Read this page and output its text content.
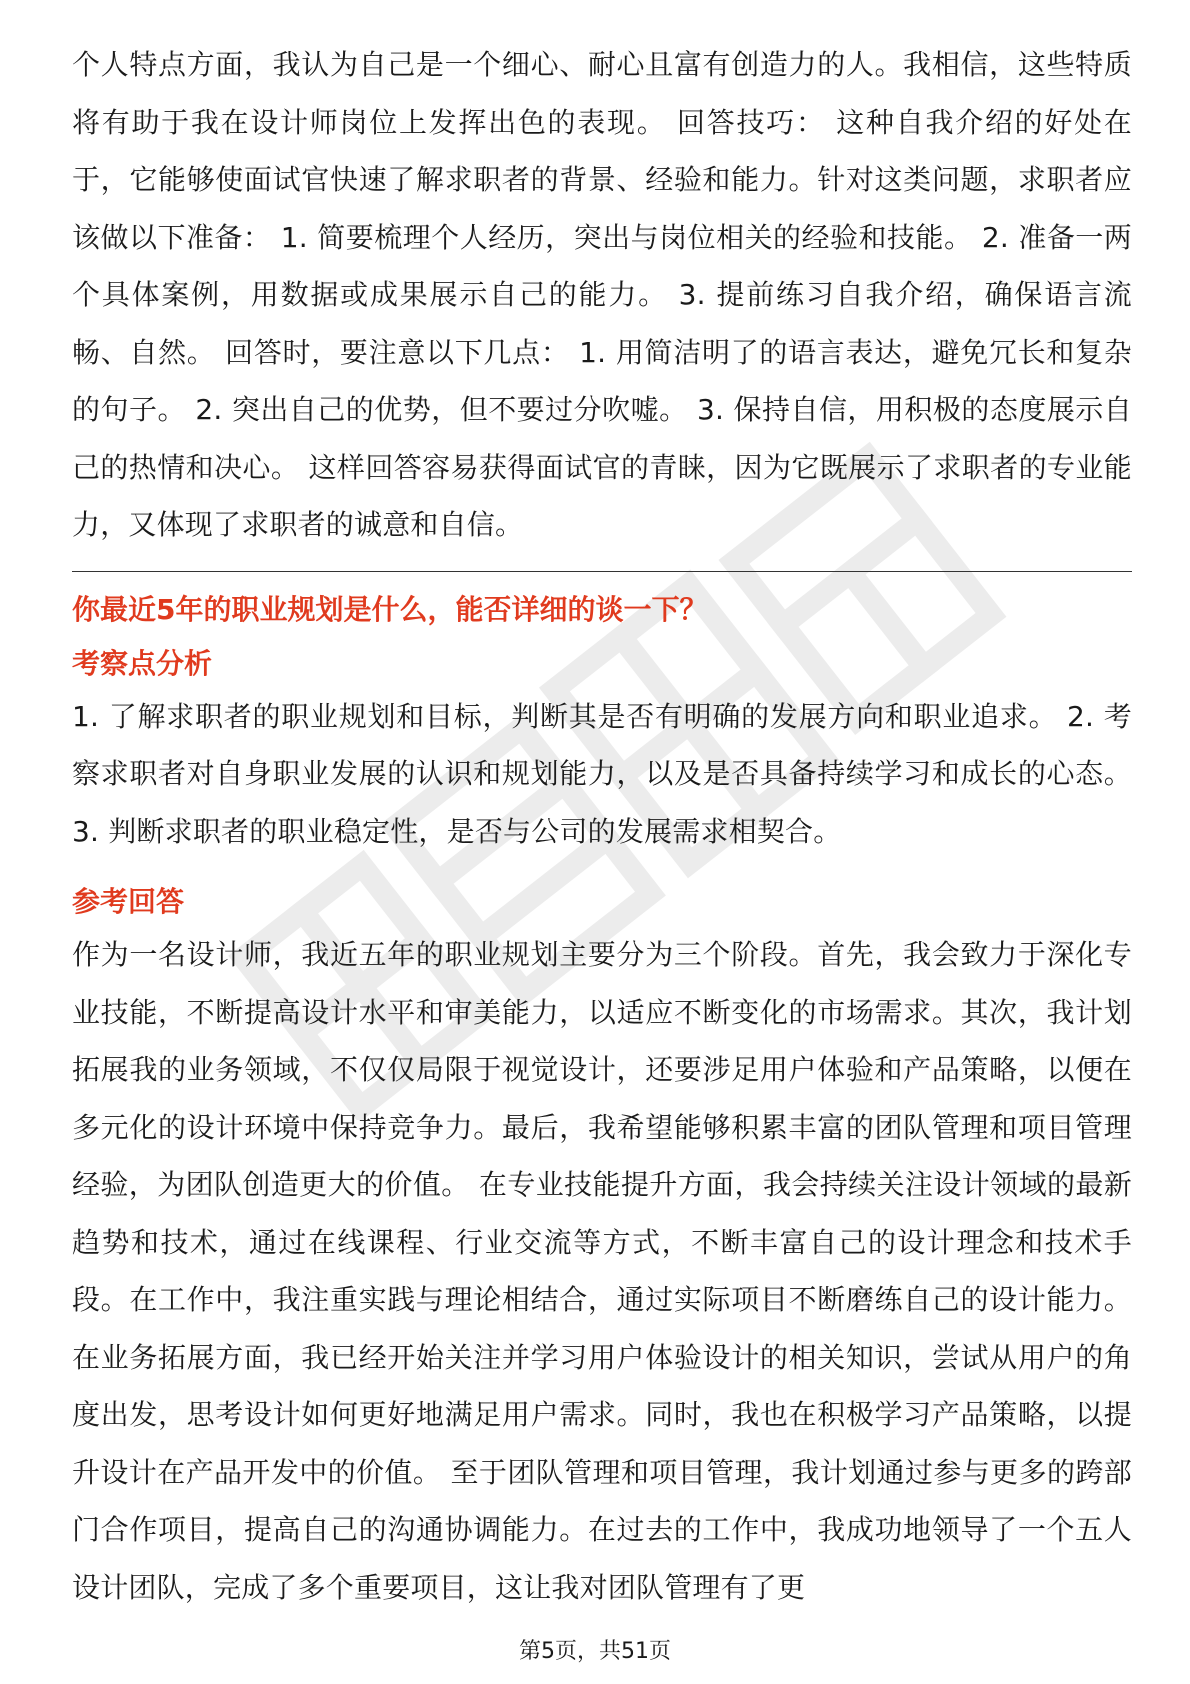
个人特点方面，我认为自己是一个细心、耐心且富有创造力的人。我相信，这些特质将有助于我在设计师岗位上发挥出色的表现。 回答技巧： 这种自我介绍的好处在于，它能够使面试官快速了解求职者的背景、经验和能力。针对这类问题，求职者应该做以下准备： 1. 简要梳理个人经历，突出与岗位相关的经验和技能。 2. 准备一两个具体案例，用数据或成果展示自己的能力。 3. 提前练习自我介绍，确保语言流畅、自然。 回答时，要注意以下几点： 1. 用简洁明了的语言表达，避免冗长和复杂的句子。 2. 突出自己的优势，但不要过分吹嘘。 3. 保持自信，用积极的态度展示自己的热情和决心。 这样回答容易获得面试官的青睐，因为它既展示了求职者的专业能力，又体现了求职者的诚意和自信。

你最近5年的职业规划是什么，能否详细的谈一下？

考察点分析

1. 了解求职者的职业规划和目标，判断其是否有明确的发展方向和职业追求。 2. 考察求职者对自身职业发展的认识和规划能力，以及是否具备持续学习和成长的心态。 3. 判断求职者的职业稳定性，是否与公司的发展需求相契合。

参考回答

作为一名设计师，我近五年的职业规划主要分为三个阶段。首先，我会致力于深化专业技能，不断提高设计水平和审美能力，以适应不断变化的市场需求。其次，我计划拓展我的业务领域，不仅仅局限于视觉设计，还要涉足用户体验和产品策略，以便在多元化的设计环境中保持竞争力。最后，我希望能够积累丰富的团队管理和项目管理经验，为团队创造更大的价值。 在专业技能提升方面，我会持续关注设计领域的最新趋势和技术，通过在线课程、行业交流等方式，不断丰富自己的设计理念和技术手段。在工作中，我注重实践与理论相结合，通过实际项目不断磨练自己的设计能力。 在业务拓展方面，我已经开始关注并学习用户体验设计的相关知识，尝试从用户的角度出发，思考设计如何更好地满足用户需求。同时，我也在积极学习产品策略，以提升设计在产品开发中的价值。 至于团队管理和项目管理，我计划通过参与更多的跨部门合作项目，提高自己的沟通协调能力。在过去的工作中，我成功地领导了一个五人设计团队，完成了多个重要项目，这让我对团队管理有了更

第5页，共51页
